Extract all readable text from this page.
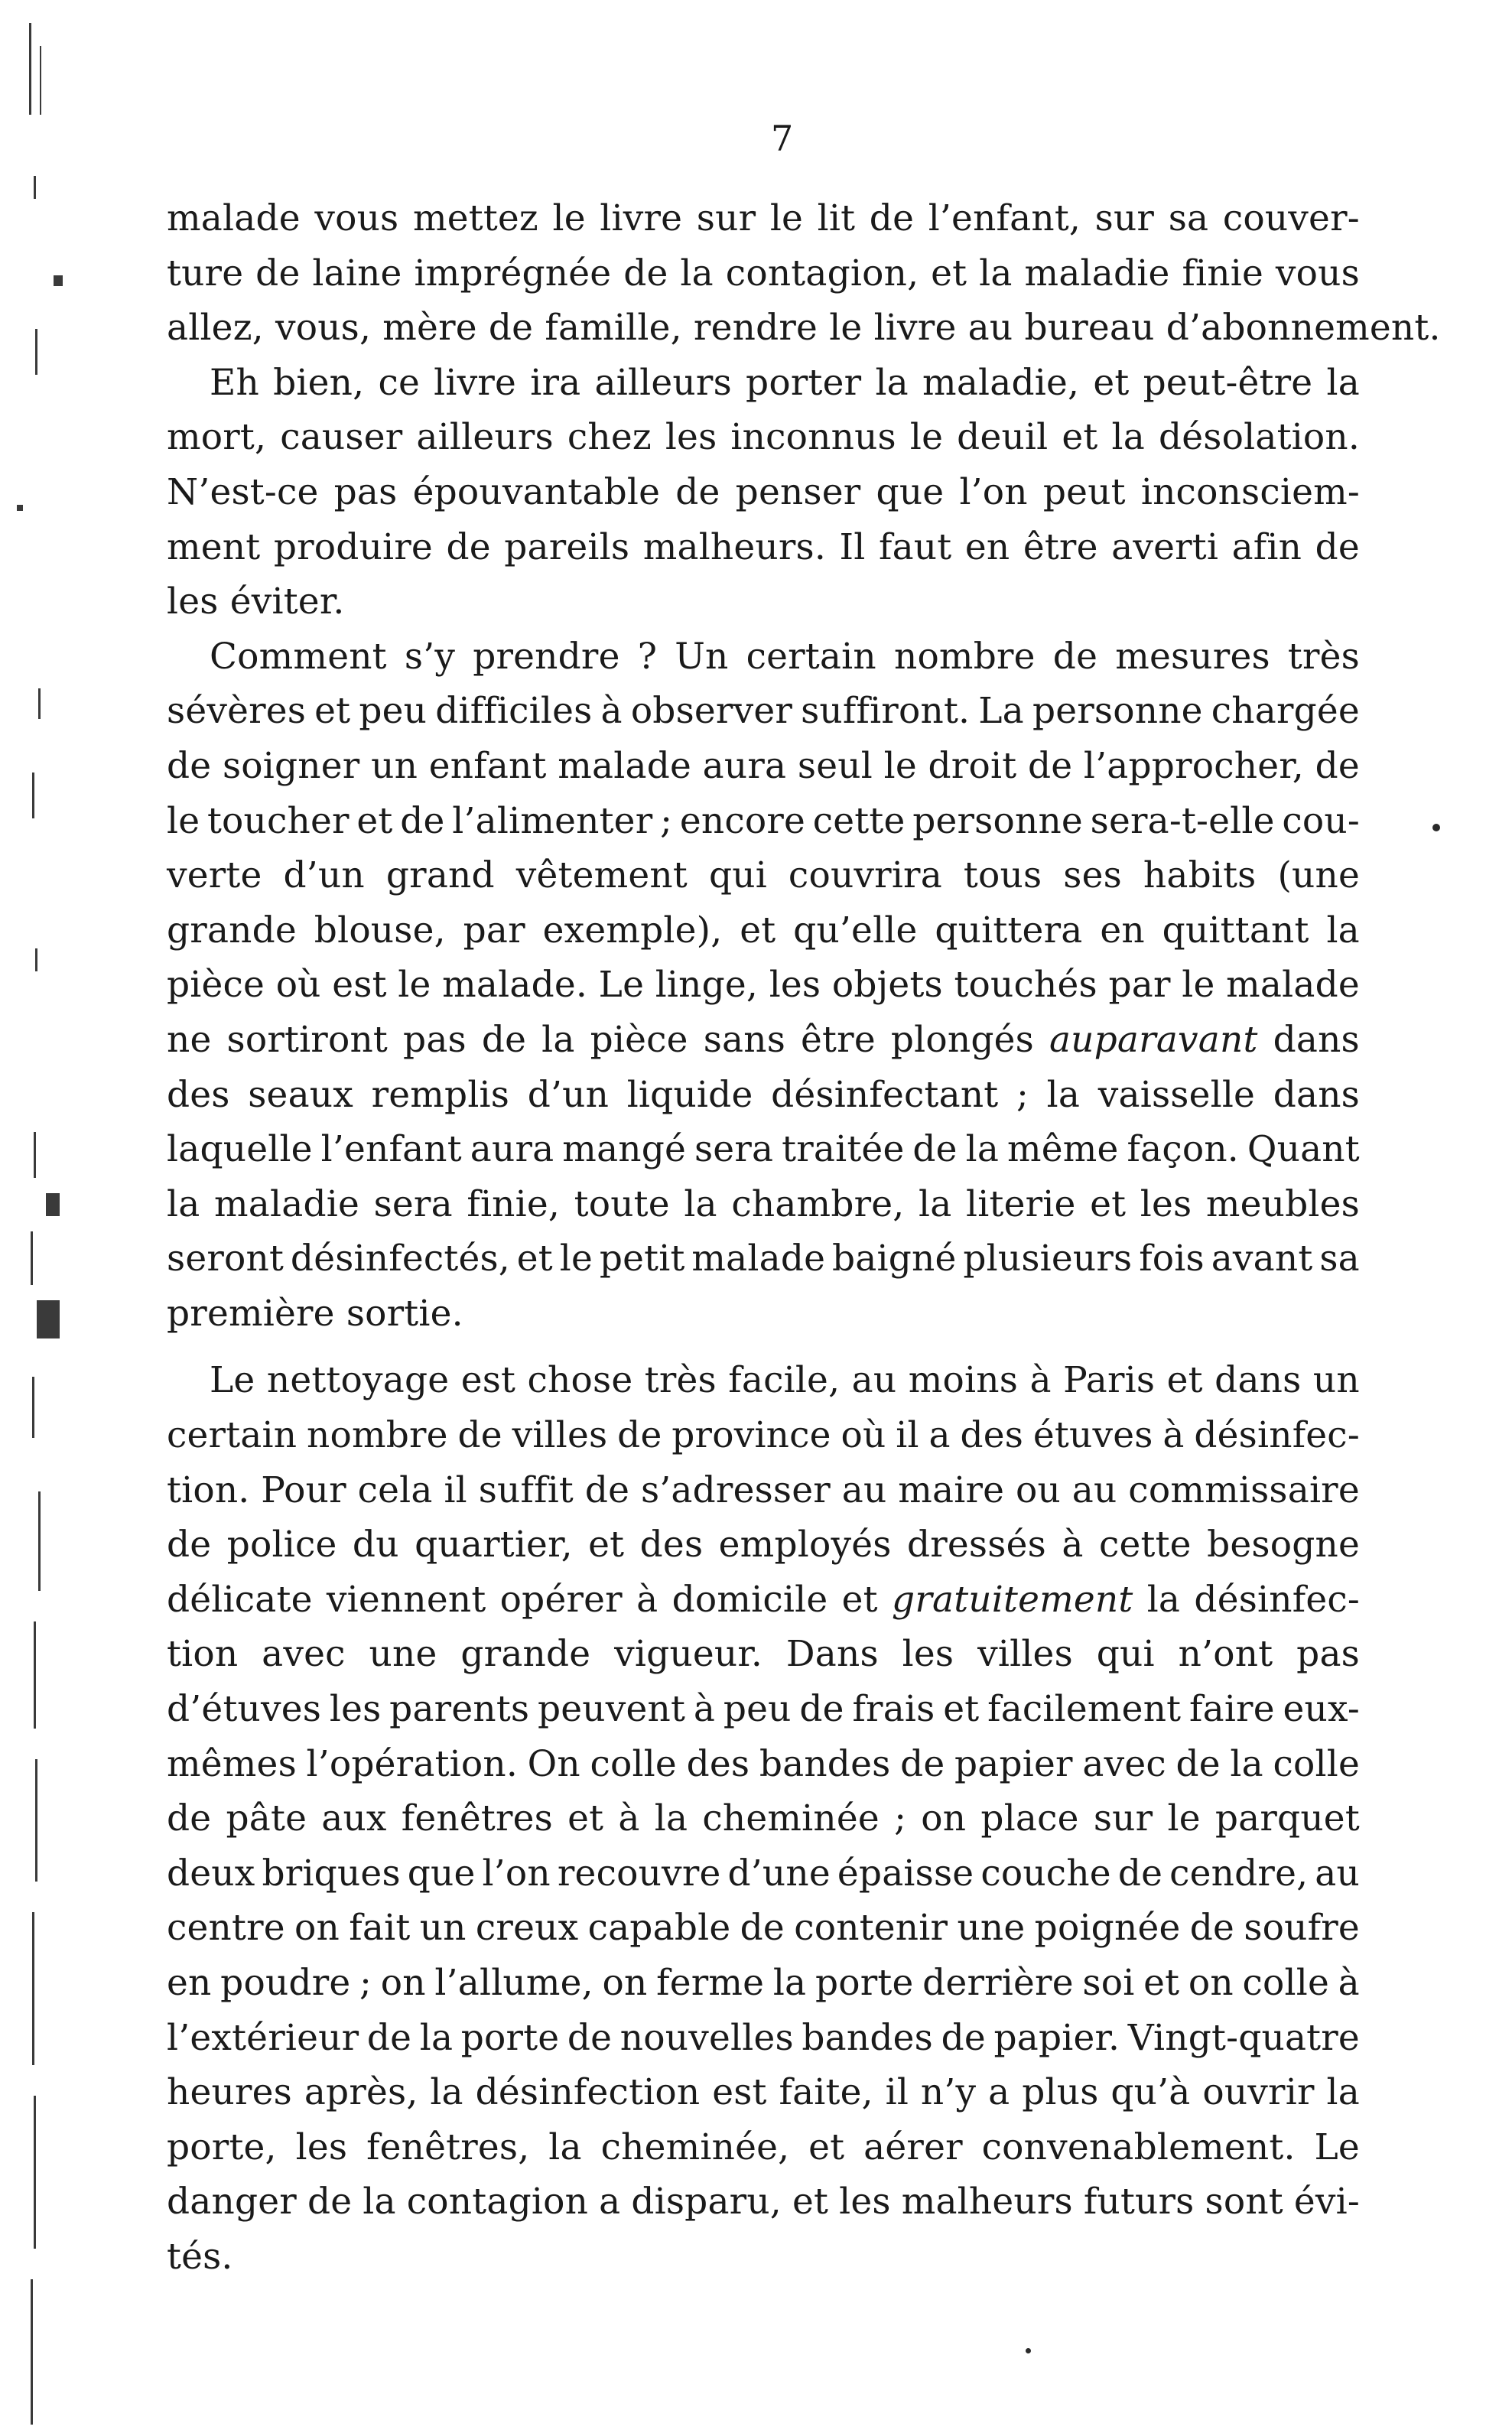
7
malade vous mettez le livre sur le lit de l’enfant, sur sa couver-
ture de laine imprégnée de la contagion, et la maladie finie vous
allez,
vous,
mère
de
famille,
rendre
le
livre
au
bureau
d’abonnement.
Eh bien, ce livre ira ailleurs porter la maladie, et peut-être la
mort, causer ailleurs chez les inconnus le deuil et la désolation.
N’est-ce pas épouvantable de penser que l’on peut inconsciem-
ment produire de pareils malheurs. Il faut en être averti afin de
les
éviter.
Comment s’y prendre ? Un certain nombre de mesures très
sévères et peu difficiles à observer suffiront. La personne chargée
de soigner un enfant malade aura seul le droit de l’approcher, de
le toucher et de l’alimenter ; encore cette personne sera-t-elle cou-
verte d’un grand vêtement qui couvrira tous ses habits (une
grande blouse, par exemple), et qu’elle quittera en quittant la
pièce où est le malade. Le linge, les objets touchés par le malade
ne sortiront pas de la pièce sans être plongés auparavant dans
des seaux remplis d’un liquide désinfectant ; la vaisselle dans
laquelle l’enfant aura mangé sera traitée de la même façon. Quant
la maladie sera finie, toute la chambre, la literie et les meubles
seront désinfectés, et le petit malade baigné plusieurs fois avant sa
première
sortie.
Le nettoyage est chose très facile, au moins à Paris et dans un
certain nombre de villes de province où il a des étuves à désinfec-
tion. Pour cela il suffit de s’adresser au maire ou au commissaire
de police du quartier, et des employés dressés à cette besogne
délicate viennent opérer à domicile et gratuitement la désinfec-
tion avec une grande vigueur. Dans les villes qui n’ont pas
d’étuves les parents peuvent à peu de frais et facilement faire eux-
mêmes l’opération. On colle des bandes de papier avec de la colle
de pâte aux fenêtres et à la cheminée ; on place sur le parquet
deux briques que l’on recouvre d’une épaisse couche de cendre, au
centre on fait un creux capable de contenir une poignée de soufre
en poudre ; on l’allume, on ferme la porte derrière soi et on colle à
l’extérieur de la porte de nouvelles bandes de papier. Vingt-quatre
heures après, la désinfection est faite, il n’y a plus qu’à ouvrir la
porte, les fenêtres, la cheminée, et aérer convenablement. Le
danger de la contagion a disparu, et les malheurs futurs sont évi-
tés.
